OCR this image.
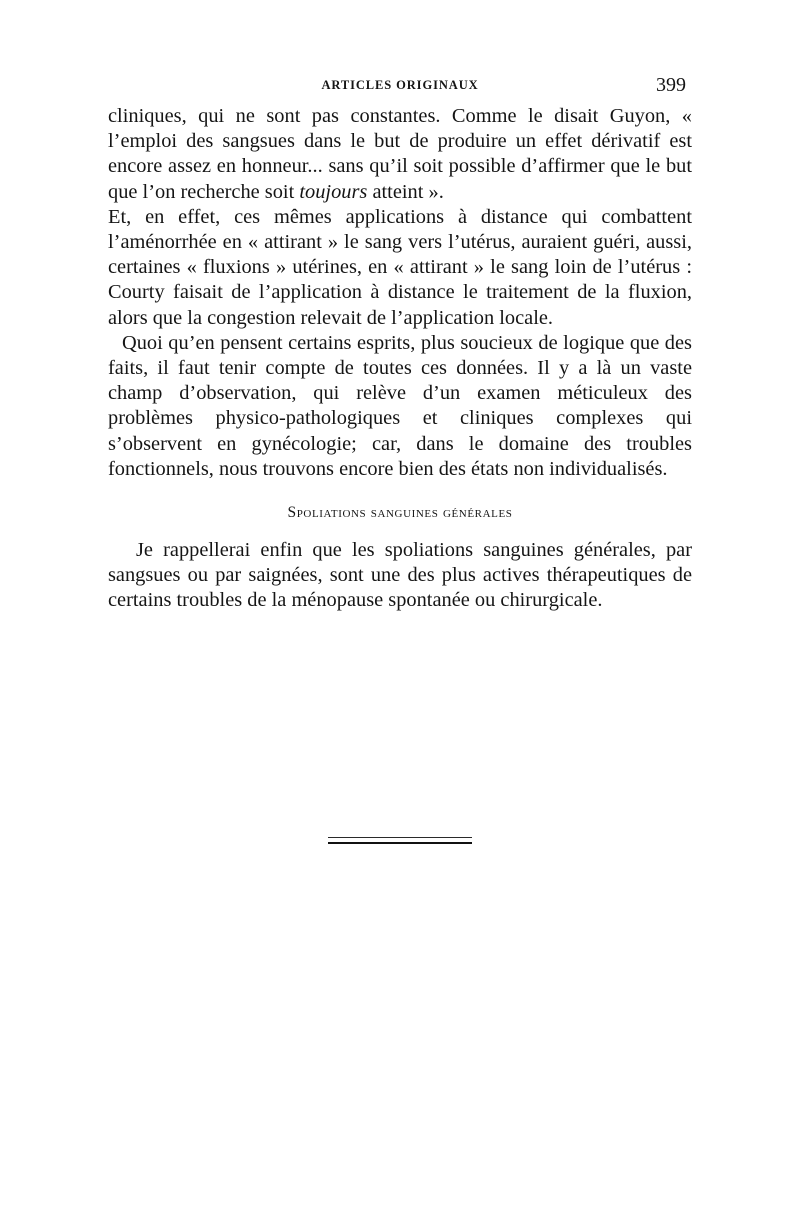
ARTICLES ORIGINAUX	399

cliniques, qui ne sont pas constantes. Comme le disait Guyon, « l’emploi des sangsues dans le but de produire un effet dérivatif est encore assez en honneur... sans qu’il soit possible d’affirmer que le but que l’on recherche soit toujours atteint ».

Et, en effet, ces mêmes applications à distance qui combattent l’aménorrhée en « attirant » le sang vers l’utérus, auraient guéri, aussi, certaines « fluxions » utérines, en « attirant » le sang loin de l’utérus : Courty faisait de l’application à distance le traitement de la fluxion, alors que la congestion relevait de l’application locale.

Quoi qu’en pensent certains esprits, plus soucieux de logique que des faits, il faut tenir compte de toutes ces données. Il y a là un vaste champ d’observation, qui relève d’un examen méticuleux des problèmes physico-pathologiques et cliniques complexes qui s’observent en gynécologie; car, dans le domaine des troubles fonctionnels, nous trouvons encore bien des états non individualisés.

Spoliations sanguines générales

Je rappellerai enfin que les spoliations sanguines générales, par sangsues ou par saignées, sont une des plus actives thérapeutiques de certains troubles de la ménopause spontanée ou chirurgicale.
